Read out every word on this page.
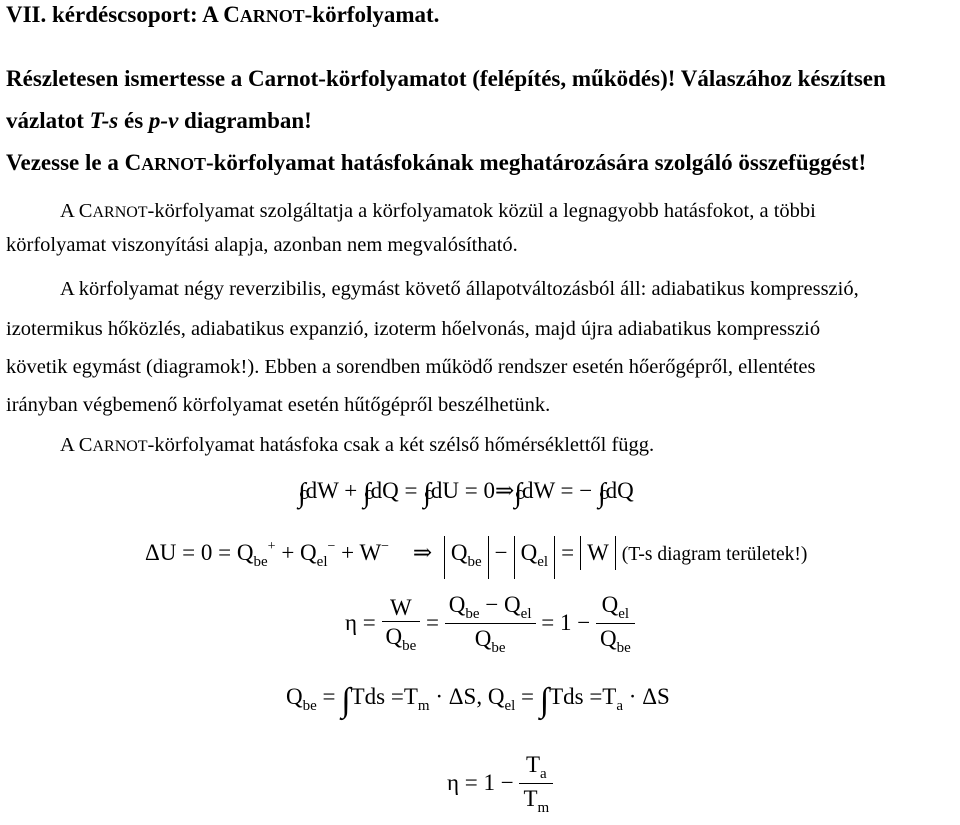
VII. kérdéscsoport: A CARNOT-körfolyamat.
Részletesen ismertesse a Carnot-körfolyamatot (felépítés, működés)! Válaszához készítsen
vázlatot T-s és p-v diagramban!
Vezesse le a CARNOT-körfolyamat hatásfokának meghatározására szolgáló összefüggést!
A CARNOT-körfolyamat szolgáltatja a körfolyamatok közül a legnagyobb hatásfokot, a többi
körfolyamat viszonyítási alapja, azonban nem megvalósítható.
A körfolyamat négy reverzibilis, egymást követő állapotváltozásból áll: adiabatikus kompresszió,
izotermikus hőközlés, adiabatikus expanzió, izoterm hőelvonás, majd újra adiabatikus kompresszió
követik egymást (diagramok!). Ebben a sorendben működő rendszer esetén hőerőgépről, ellentétes
irányban végbemenő körfolyamat esetén hűtőgépről beszélhetünk.
A CARNOT-körfolyamat hatásfoka csak a két szélső hőmérséklettől függ.
∫dW + ∫dQ = ∫dU = 0⇒∫dW = − ∫dQ
$\Delta U = 0 = Q_{be}^+ + Q_{el}^- + W^-$ ⇒ $Q_{be} - Q_{el} = W$ (T-s diagram területek!)
$\eta = \frac{W}{Q_{be}} = \frac{Q_{be} - Q_{el}}{Q_{be}} = 1 - \frac{Q_{el}}{Q_{be}}$
$Q_{be} = \int Tds =T_m \cdot \Delta S$, $Q_{el} = \int Tds =T_a \cdot \Delta S$
$\eta = 1 - \frac{T_a}{T_m}$
